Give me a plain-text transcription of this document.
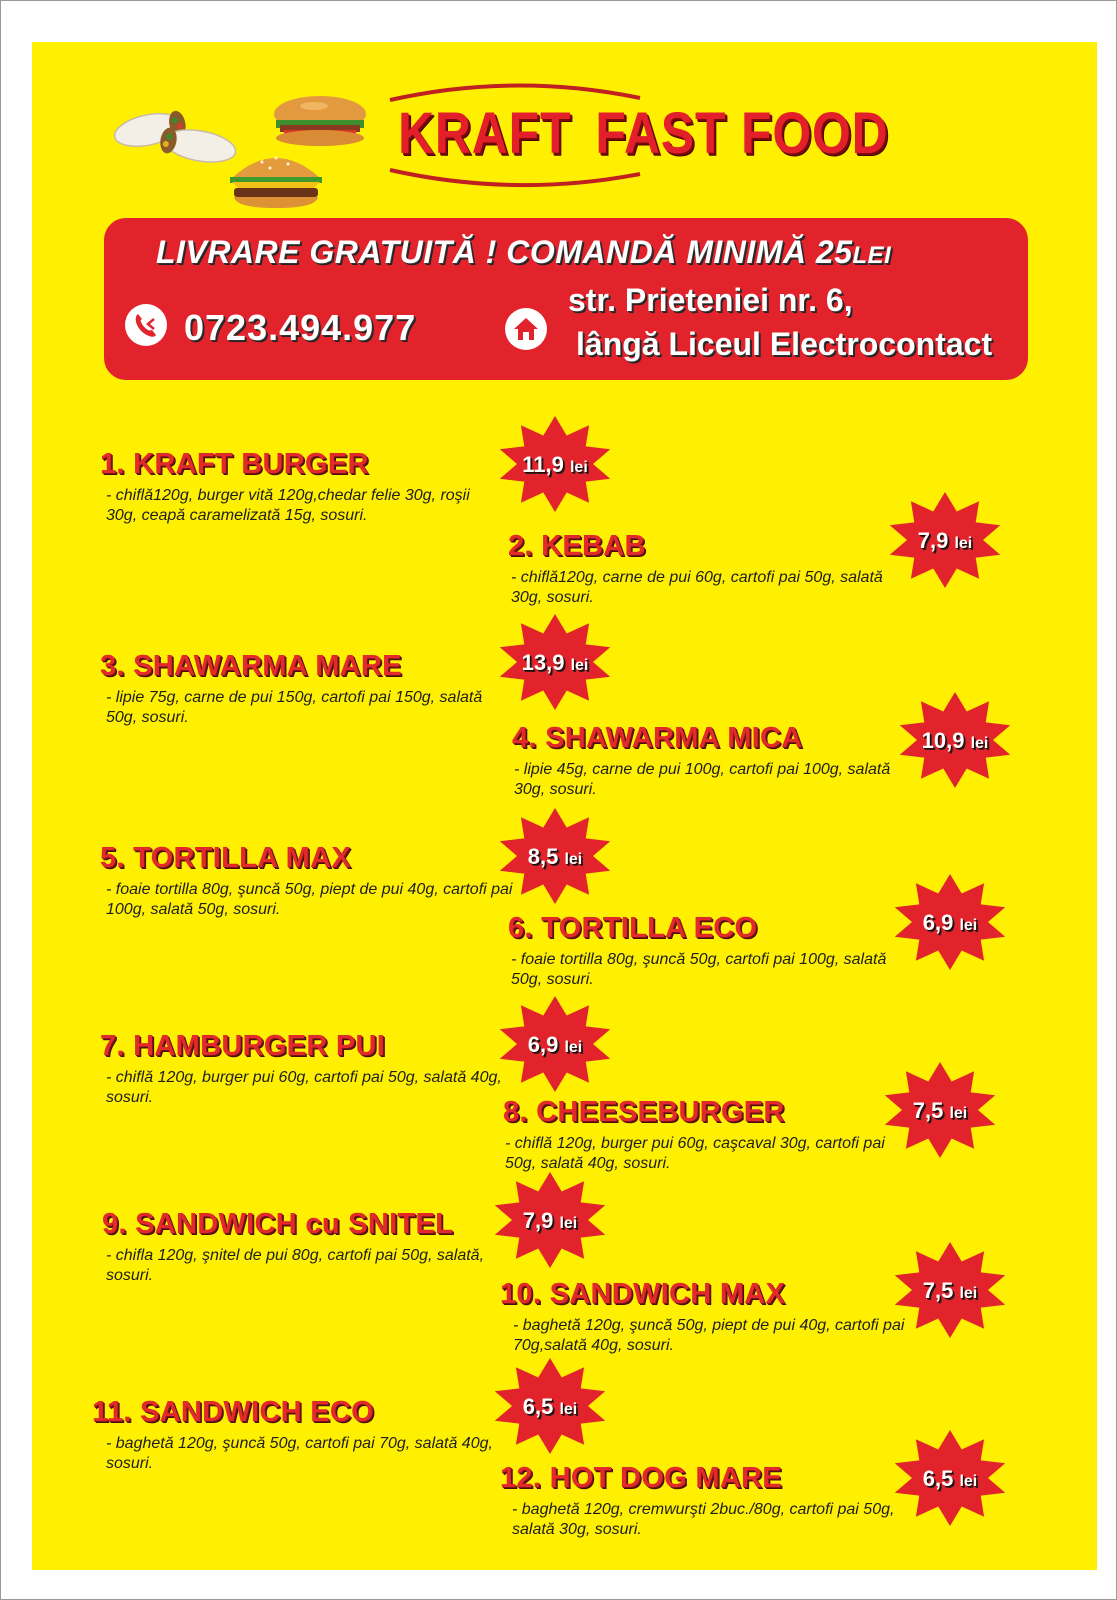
KRAFT FAST FOOD

LIVRARE GRATUITĂ ! COMANDĂ MINIMĂ 25LEI

0723.494.977

str. Prieteniei nr. 6,

lângă Liceul Electrocontact

1. KRAFT BURGER

- chiflă120g, burger vită 120g,chedar felie 30g, roşii 30g, ceapă caramelizată 15g, sosuri.

2. KEBAB

- chiflă120g, carne de pui 60g, cartofi pai 50g, salată 30g, sosuri.

3. SHAWARMA MARE

- lipie 75g, carne de pui 150g, cartofi pai 150g, salată 50g, sosuri.

4. SHAWARMA MICA

- lipie 45g, carne de pui 100g, cartofi pai 100g, salată 30g, sosuri.

5. TORTILLA MAX

- foaie tortilla 80g, şuncă 50g, piept de pui 40g, cartofi pai 100g, salată 50g, sosuri.

6. TORTILLA ECO

- foaie tortilla 80g, şuncă 50g, cartofi pai 100g, salată 50g, sosuri.

7. HAMBURGER PUI

- chiflă 120g, burger pui 60g, cartofi pai 50g, salată 40g, sosuri.	8. CHEESEBURGER

- chiflă 120g, burger pui 60g, caşcaval 30g, cartofi pai 50g, salată 40g, sosuri.

9. SANDWICH cu SNITEL

- chifla 120g, şnitel de pui 80g, cartofi pai 50g, salată, sosuri.

10. SANDWICH MAX

- baghetă 120g, şuncă 50g, piept de pui 40g, cartofi pai 70g,salată 40g, sosuri.

11. SANDWICH ECO

- baghetă 120g, şuncă 50g, cartofi pai 70g, salată 40g, sosuri.	12. HOT DOG MARE

- baghetă 120g, cremwurşti 2buc./80g, cartofi pai 50g, salată 30g, sosuri.

11,9 lei

7,9 lei

13,9 lei

10,9 lei

8,5 lei

6,9 lei

6,9 lei

7,5 lei

7,9 lei

7,5 lei

6,5 lei

6,5 lei
